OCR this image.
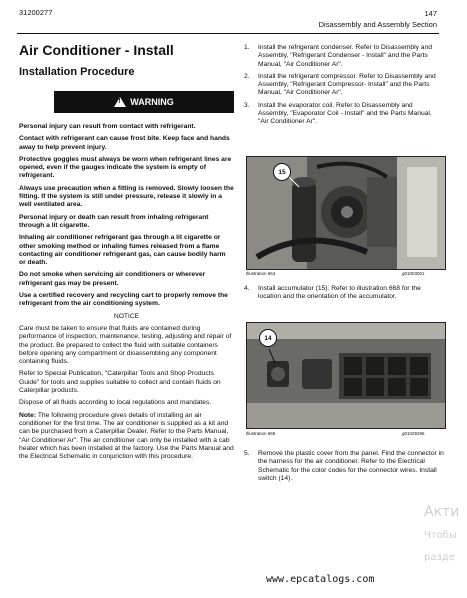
31200277	147
Disassembly and Assembly Section
Air Conditioner - Install
Installation Procedure
! WARNING

Personal injury can result from contact with refrigerant.

Contact with refrigerant can cause frost bite. Keep face and hands away to help prevent injury.

Protective goggles must always be worn when refrigerant lines are opened, even if the gauges indicate the system is empty of refrigerant.

Always use precaution when a fitting is removed. Slowly loosen the fitting. If the system is still under pressure, release it slowly in a well ventilated area.

Personal injury or death can result from inhaling refrigerant through a lit cigarette.

Inhaling air conditioner refrigerant gas through a lit cigarette or other smoking method or inhaling fumes released from a flame contacting air conditioner refrigerant gas, can cause bodily harm or death.

Do not smoke when servicing air conditioners or wherever refrigerant gas may be present.

Use a certified recovery and recycling cart to properly remove the refrigerant from the air conditioning system.

NOTICE

Care must be taken to ensure that fluids are contained during performance of inspection, maintenance, testing, adjusting and repair of the product. Be prepared to collect the fluid with suitable containers before opening any compartment or disassembling any component containing fluids.

Refer to Special Publication, "Caterpillar Tools and Shop Products Guide" for tools and supplies suitable to collect and contain fluids on Caterpillar products.

Dispose of all fluids according to local regulations and mandates.

Note: The following procedure gives details of installing an air conditioner for the first time. The air conditioner is supplied as a kit and can be purchased from a Caterpillar Dealer. Refer to the Parts Manual, "Air Conditioner Ar". The air conditioner can only be installed with a cab heater which has been installed at the factory. Use the Parts Manual and the Electrical Schematic in conjunction with this procedure.

1. Install the refrigerant condenser. Refer to Disassembly and Assembly, "Refrigerant Condenser - Install" and the Parts Manual, "Air Conditioner Ar".
2. Install the refrigerant compressor. Refer to Disassembly and Assembly, "Refrigerant Compressor- Install" and the Parts Manual, "Air Conditioner Ar".
3. Install the evaporator coil. Refer to Disassembly and Assembly, "Evaporator Coil - Install" and the Parts Manual, "Air Conditioner Ar".
15
Illustration 664	g01003001
4. Install accumulator (15). Refer to illustration 668 for the location and the orientation of the accumulator.
14
Illustration 665	g01029296
5. Remove the plastic cover from the panel. Find the connector in the harness for the air conditioner. Refer to the Electrical Schematic for the color codes for the connector wires. Install switch (14).
Акти
Чтобы
разде
www.epcatalogs.com
